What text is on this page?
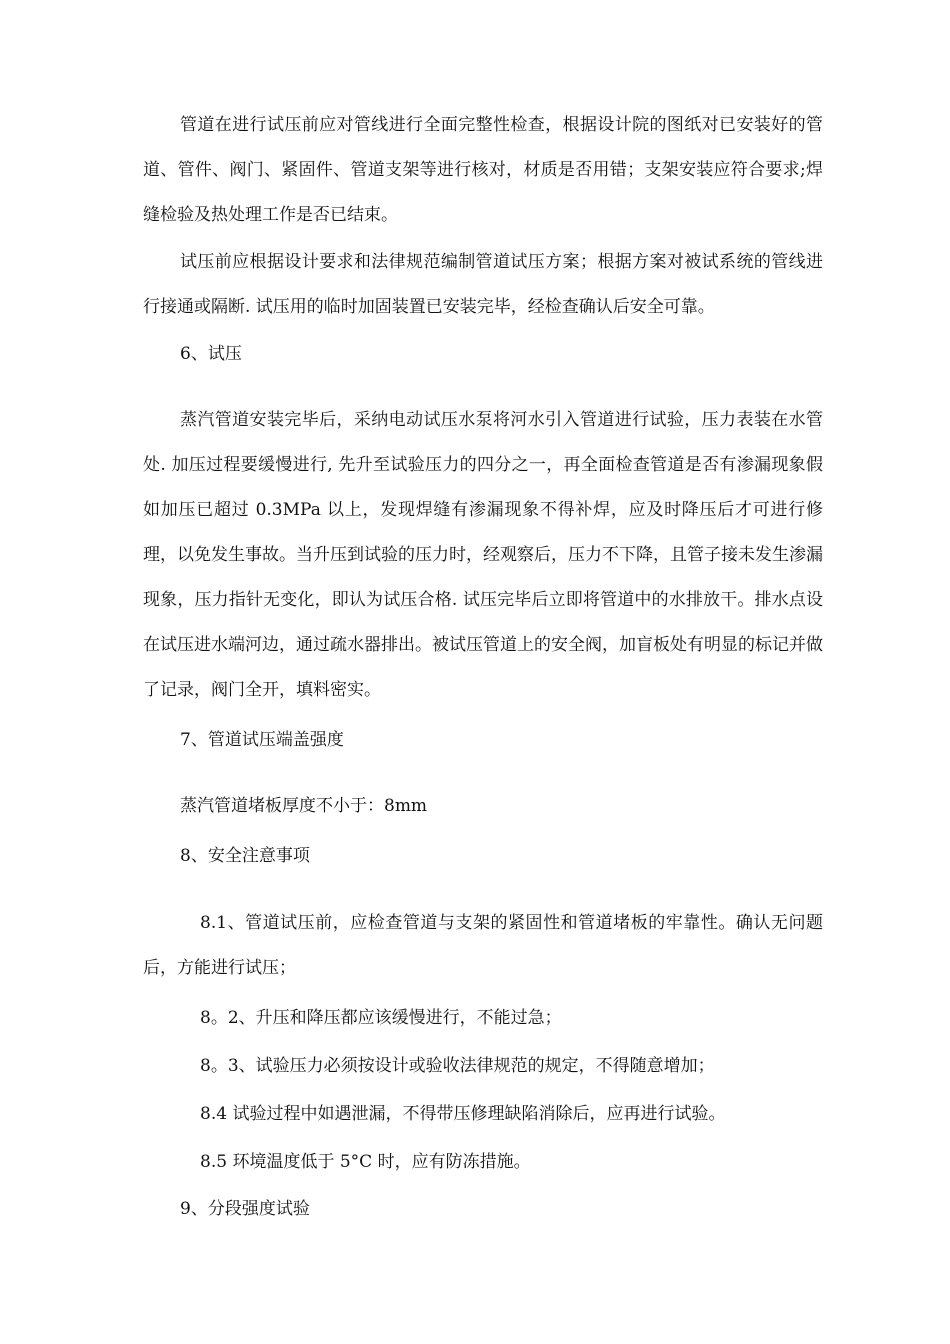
管道在进行试压前应对管线进行全面完整性检查，根据设计院的图纸对已安装好的管道、管件、阀门、紧固件、管道支架等进行核对，材质是否用错；支架安装应符合要求;焊缝检验及热处理工作是否已结束。

试压前应根据设计要求和法律规范编制管道试压方案；根据方案对被试系统的管线进行接通或隔断. 试压用的临时加固装置已安装完毕，经检查确认后安全可靠。

6、试压

蒸汽管道安装完毕后，采纳电动试压水泵将河水引入管道进行试验，压力表装在水管处. 加压过程要缓慢进行, 先升至试验压力的四分之一，再全面检查管道是否有渗漏现象假如加压已超过 0.3MPa 以上，发现焊缝有渗漏现象不得补焊，应及时降压后才可进行修理，以免发生事故。当升压到试验的压力时，经观察后，压力不下降，且管子接未发生渗漏现象，压力指针无变化，即认为试压合格. 试压完毕后立即将管道中的水排放干。排水点设在试压进水端河边，通过疏水器排出。被试压管道上的安全阀，加盲板处有明显的标记并做了记录，阀门全开，填料密实。

7、管道试压端盖强度

蒸汽管道堵板厚度不小于：8mm

8、安全注意事项

8.1、管道试压前，应检查管道与支架的紧固性和管道堵板的牢靠性。确认无问题后，方能进行试压；

8。2、升压和降压都应该缓慢进行，不能过急；

8。3、试验压力必须按设计或验收法律规范的规定，不得随意增加；

8.4 试验过程中如遇泄漏，不得带压修理缺陷消除后，应再进行试验。

8.5 环境温度低于 5°C 时，应有防冻措施。

9、分段强度试验
